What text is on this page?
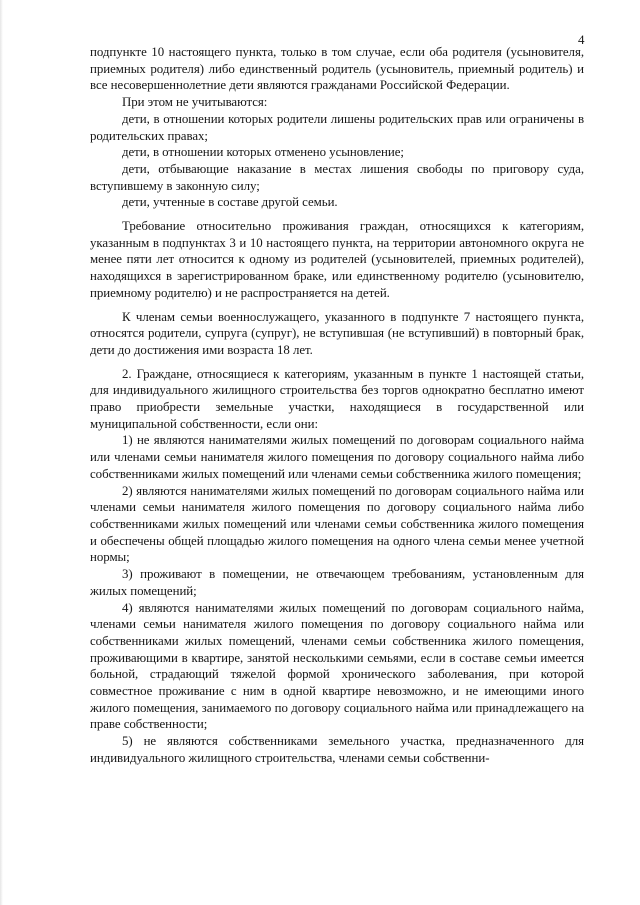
4

подпункте 10 настоящего пункта, только в том случае, если оба родителя (усыновителя, приемных родителя) либо единственный родитель (усыновитель, приемный родитель) и все несовершеннолетние дети являются гражданами Российской Федерации.

При этом не учитываются:

дети, в отношении которых родители лишены родительских прав или ограничены в родительских правах;

дети, в отношении которых отменено усыновление;

дети, отбывающие наказание в местах лишения свободы по приговору суда, вступившему в законную силу;

дети, учтенные в составе другой семьи.

Требование относительно проживания граждан, относящихся к категориям, указанным в подпунктах 3 и 10 настоящего пункта, на территории автономного округа не менее пяти лет относится к одному из родителей (усыновителей, приемных родителей), находящихся в зарегистрированном браке, или единственному родителю (усыновителю, приемному родителю) и не распространяется на детей.

К членам семьи военнослужащего, указанного в подпункте 7 настоящего пункта, относятся родители, супруга (супруг), не вступившая (не вступивший) в повторный брак, дети до достижения ими возраста 18 лет.

2. Граждане, относящиеся к категориям, указанным в пункте 1 настоящей статьи, для индивидуального жилищного строительства без торгов однократно бесплатно имеют право приобрести земельные участки, находящиеся в государственной или муниципальной собственности, если они:

1) не являются нанимателями жилых помещений по договорам социального найма или членами семьи нанимателя жилого помещения по договору социального найма либо собственниками жилых помещений или членами семьи собственника жилого помещения;

2) являются нанимателями жилых помещений по договорам социального найма или членами семьи нанимателя жилого помещения по договору социального найма либо собственниками жилых помещений или членами семьи собственника жилого помещения и обеспечены общей площадью жилого помещения на одного члена семьи менее учетной нормы;

3) проживают в помещении, не отвечающем требованиям, установленным для жилых помещений;

4) являются нанимателями жилых помещений по договорам социального найма, членами семьи нанимателя жилого помещения по договору социального найма или собственниками жилых помещений, членами семьи собственника жилого помещения, проживающими в квартире, занятой несколькими семьями, если в составе семьи имеется больной, страдающий тяжелой формой хронического заболевания, при которой совместное проживание с ним в одной квартире невозможно, и не имеющими иного жилого помещения, занимаемого по договору социального найма или принадлежащего на праве собственности;

5) не являются собственниками земельного участка, предназначенного для индивидуального жилищного строительства, членами семьи собственни-
